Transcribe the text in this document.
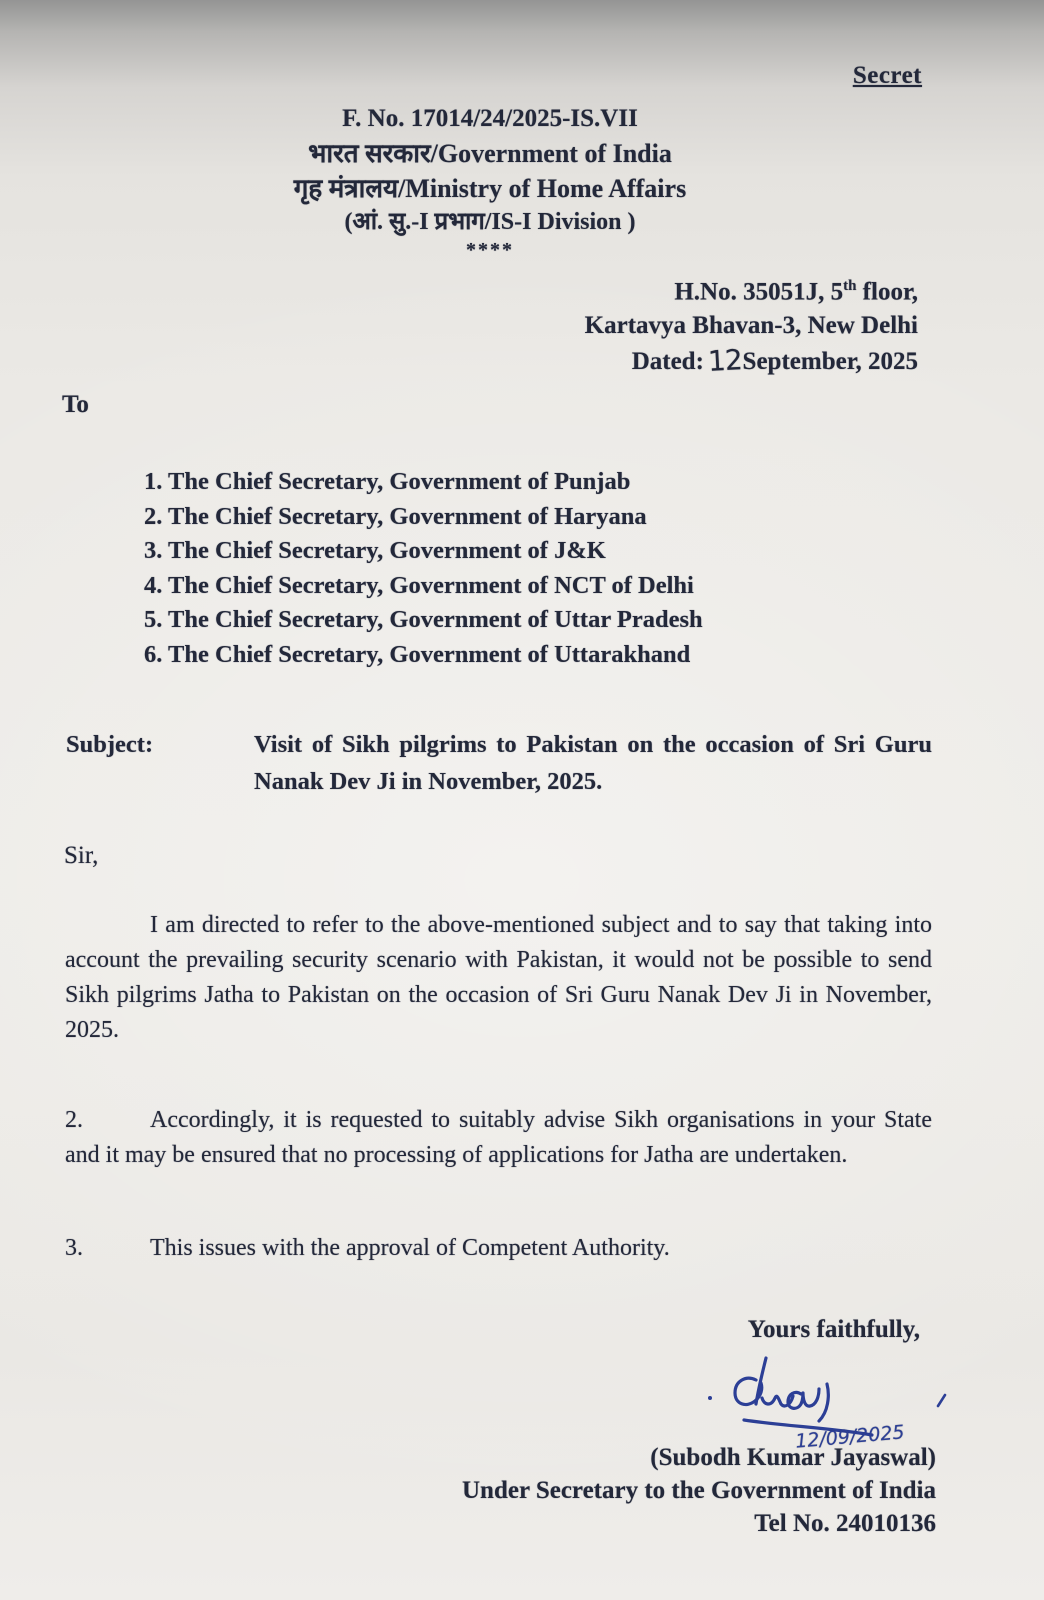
Secret
F. No. 17014/24/2025-IS.VII
भारत सरकार/Government of India
गृह मंत्रालय/Ministry of Home Affairs
(आं. सु.-I प्रभाग/IS-I Division )
****
H.No. 35051J, 5th floor,
Kartavya Bhavan-3, New Delhi
Dated: 12September, 2025
To
1. The Chief Secretary, Government of Punjab
2. The Chief Secretary, Government of Haryana
3. The Chief Secretary, Government of J&K
4. The Chief Secretary, Government of NCT of Delhi
5. The Chief Secretary, Government of Uttar Pradesh
6. The Chief Secretary, Government of Uttarakhand
Subject:	Visit of Sikh pilgrims to Pakistan on the occasion of Sri Guru Nanak Dev Ji in November, 2025.
Sir,

I am directed to refer to the above-mentioned subject and to say that taking into account the prevailing security scenario with Pakistan, it would not be possible to send Sikh pilgrims Jatha to Pakistan on the occasion of Sri Guru Nanak Dev Ji in November, 2025.

2.	Accordingly, it is requested to suitably advise Sikh organisations in your State and it may be ensured that no processing of applications for Jatha are undertaken.

3.	This issues with the approval of Competent Authority.

Yours faithfully,
12/09/2025
(Subodh Kumar Jayaswal)
Under Secretary to the Government of India
Tel No. 24010136
